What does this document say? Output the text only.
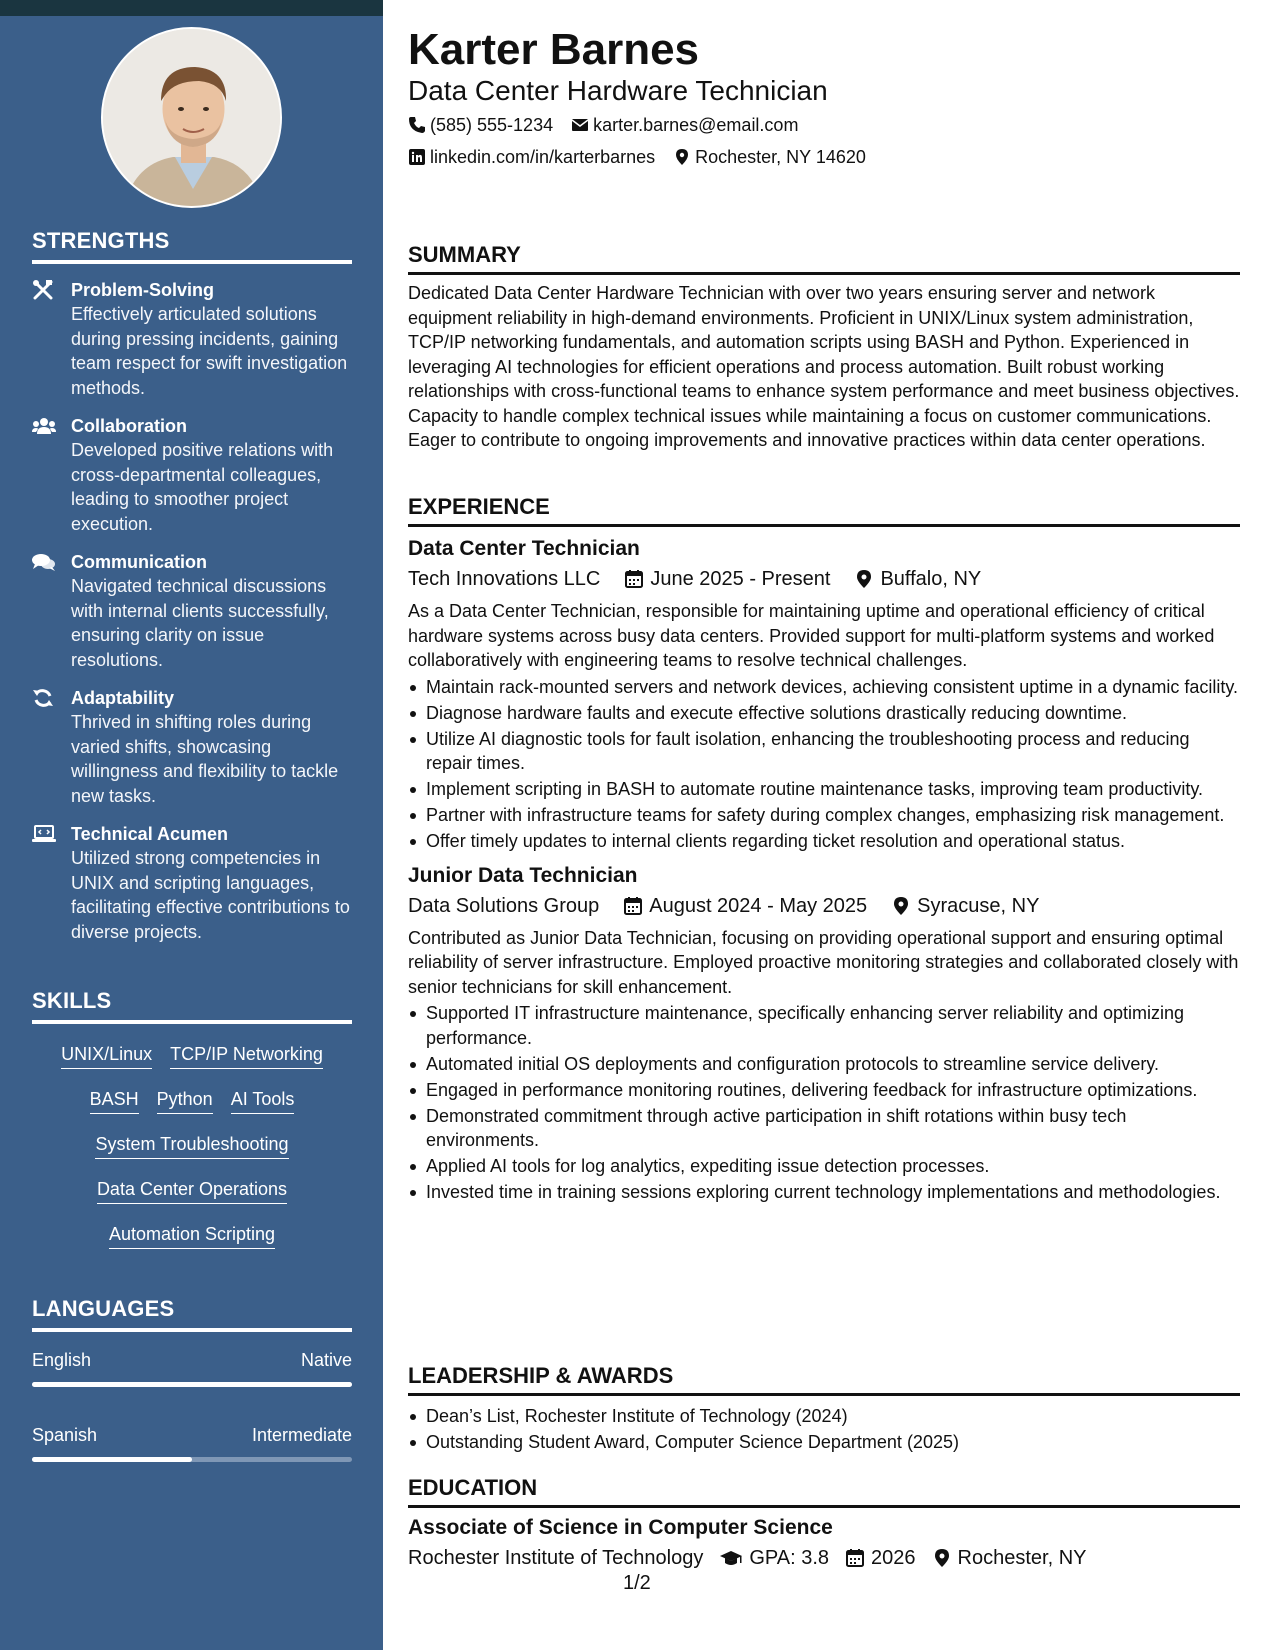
STRENGTHS
Problem-Solving
Effectively articulated solutions during pressing incidents, gaining team respect for swift investigation methods.
Collaboration
Developed positive relations with cross-departmental colleagues, leading to smoother project execution.
Communication
Navigated technical discussions with internal clients successfully, ensuring clarity on issue resolutions.
Adaptability
Thrived in shifting roles during varied shifts, showcasing willingness and flexibility to tackle new tasks.
Technical Acumen
Utilized strong competencies in UNIX and scripting languages, facilitating effective contributions to diverse projects.
SKILLS
UNIX/Linux TCP/IP Networking
BASH Python AI Tools
System Troubleshooting
Data Center Operations
Automation Scripting
LANGUAGES
English	Native
Spanish	Intermediate
Karter Barnes
Data Center Hardware Technician
(585) 555-1234 karter.barnes@email.com
linkedin.com/in/karterbarnes Rochester, NY 14620
SUMMARY
Dedicated Data Center Hardware Technician with over two years ensuring server and network equipment reliability in high-demand environments. Proficient in UNIX/Linux system administration, TCP/IP networking fundamentals, and automation scripts using BASH and Python. Experienced in leveraging AI technologies for efficient operations and process automation. Built robust working relationships with cross-functional teams to enhance system performance and meet business objectives. Capacity to handle complex technical issues while maintaining a focus on customer communications. Eager to contribute to ongoing improvements and innovative practices within data center operations.
EXPERIENCE
Data Center Technician
Tech Innovations LLC	June 2025 - Present	Buffalo, NY
As a Data Center Technician, responsible for maintaining uptime and operational efficiency of critical hardware systems across busy data centers. Provided support for multi-platform systems and worked collaboratively with engineering teams to resolve technical challenges.
Maintain rack-mounted servers and network devices, achieving consistent uptime in a dynamic facility.
Diagnose hardware faults and execute effective solutions drastically reducing downtime.
Utilize AI diagnostic tools for fault isolation, enhancing the troubleshooting process and reducing repair times.
Implement scripting in BASH to automate routine maintenance tasks, improving team productivity.
Partner with infrastructure teams for safety during complex changes, emphasizing risk management.
Offer timely updates to internal clients regarding ticket resolution and operational status.
Junior Data Technician
Data Solutions Group	August 2024 - May 2025	Syracuse, NY
Contributed as Junior Data Technician, focusing on providing operational support and ensuring optimal reliability of server infrastructure. Employed proactive monitoring strategies and collaborated closely with senior technicians for skill enhancement.
Supported IT infrastructure maintenance, specifically enhancing server reliability and optimizing performance.
Automated initial OS deployments and configuration protocols to streamline service delivery.
Engaged in performance monitoring routines, delivering feedback for infrastructure optimizations.
Demonstrated commitment through active participation in shift rotations within busy tech environments.
Applied AI tools for log analytics, expediting issue detection processes.
Invested time in training sessions exploring current technology implementations and methodologies.
LEADERSHIP & AWARDS
Dean’s List, Rochester Institute of Technology (2024)
Outstanding Student Award, Computer Science Department (2025)
EDUCATION
Associate of Science in Computer Science
Rochester Institute of Technology GPA: 3.8 2026 Rochester, NY
1/2
